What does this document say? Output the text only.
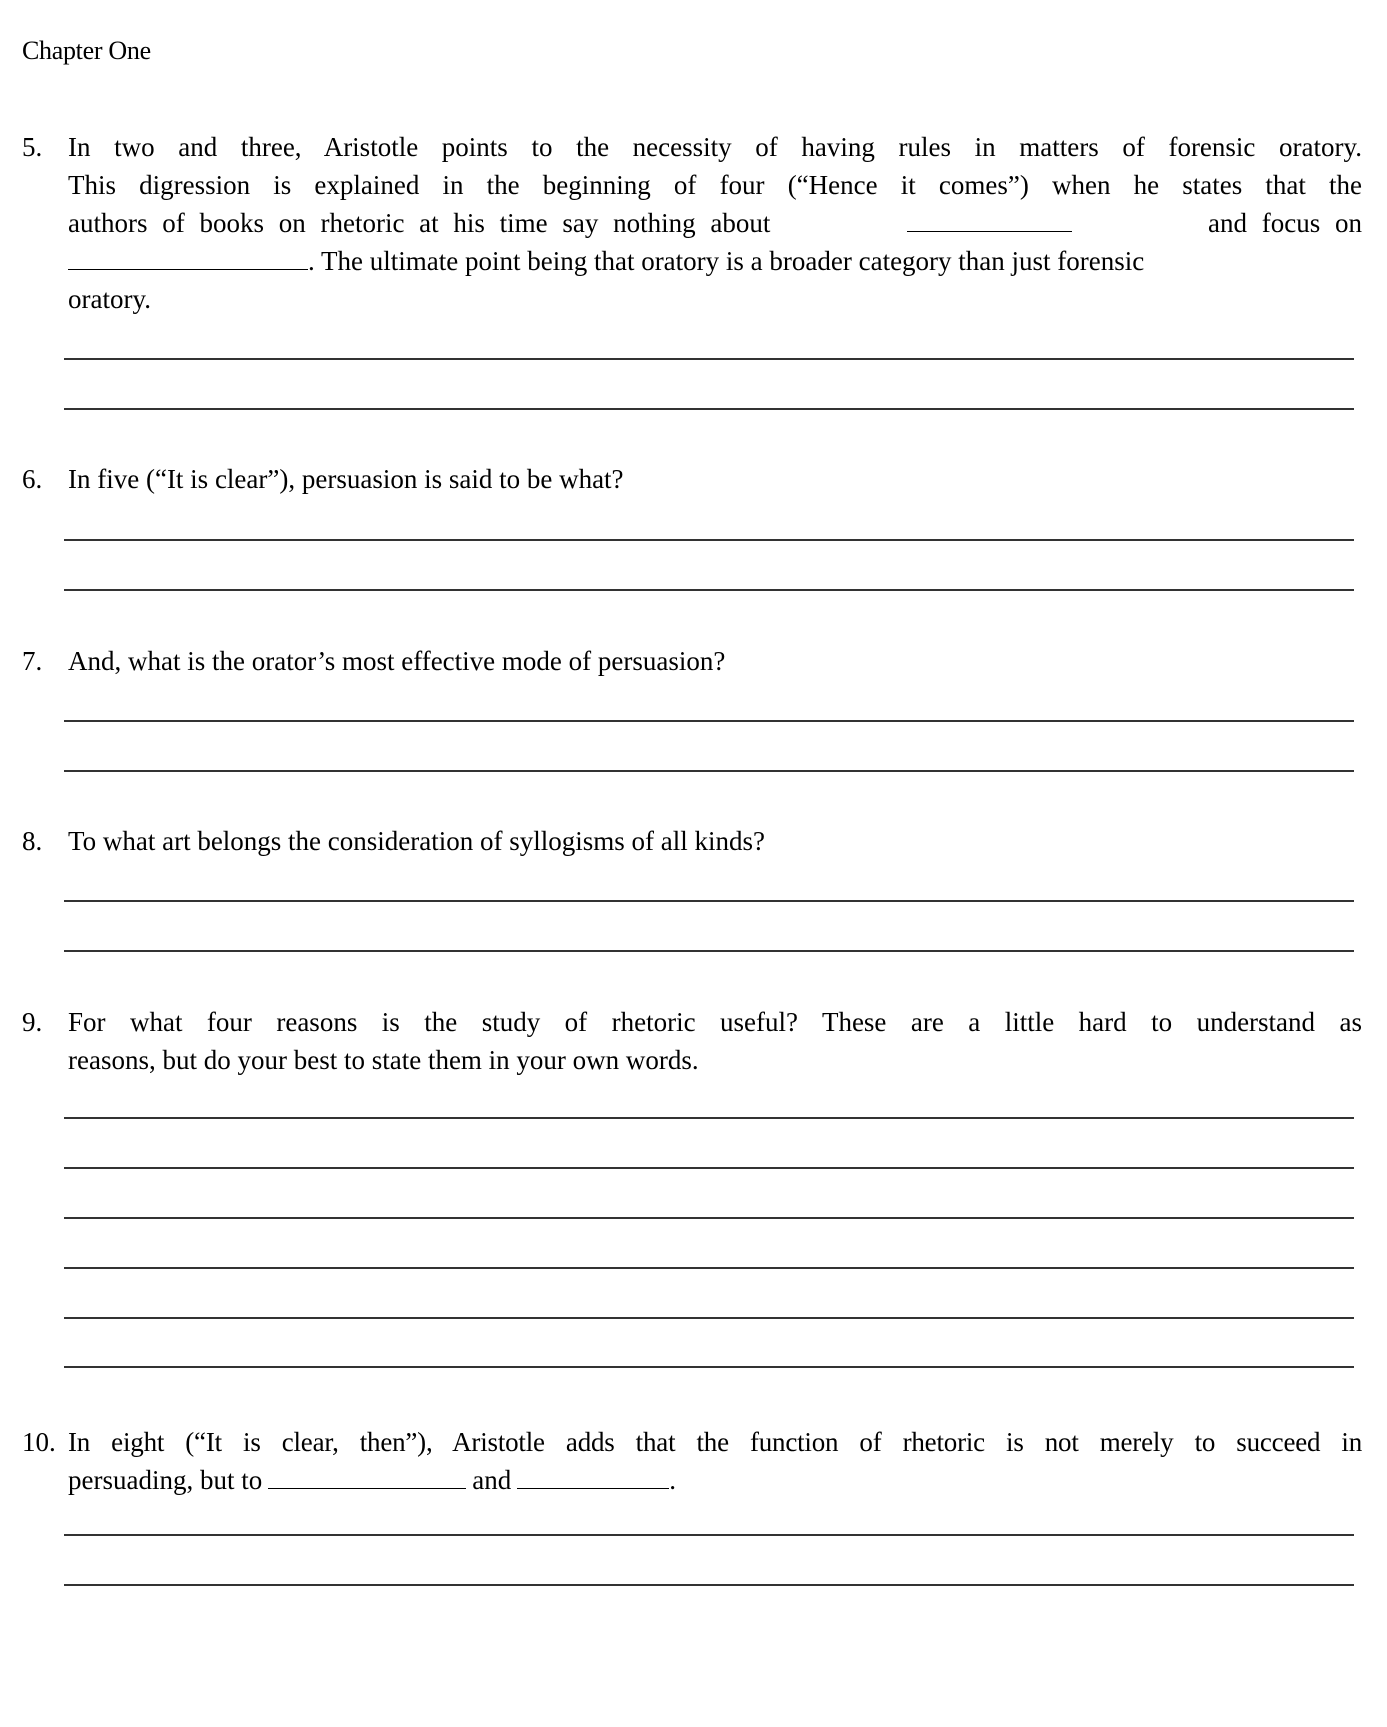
Chapter One
5. In two and three, Aristotle points to the necessity of having rules in matters of forensic oratory.
This digression is explained in the beginning of four (“Hence it comes”) when he states that the
authors of books on rhetoric at his time say nothing about	and focus on
. The ultimate point being that oratory is a broader category than just forensic
oratory.
6. In five (“It is clear”), persuasion is said to be what?
7. And, what is the orator’s most effective mode of persuasion?
8. To what art belongs the consideration of syllogisms of all kinds?
9. For what four reasons is the study of rhetoric useful? These are a little hard to understand as
reasons, but do your best to state them in your own words.
10. In eight (“It is clear, then”), Aristotle adds that the function of rhetoric is not merely to succeed in
persuading, but to	and	.
